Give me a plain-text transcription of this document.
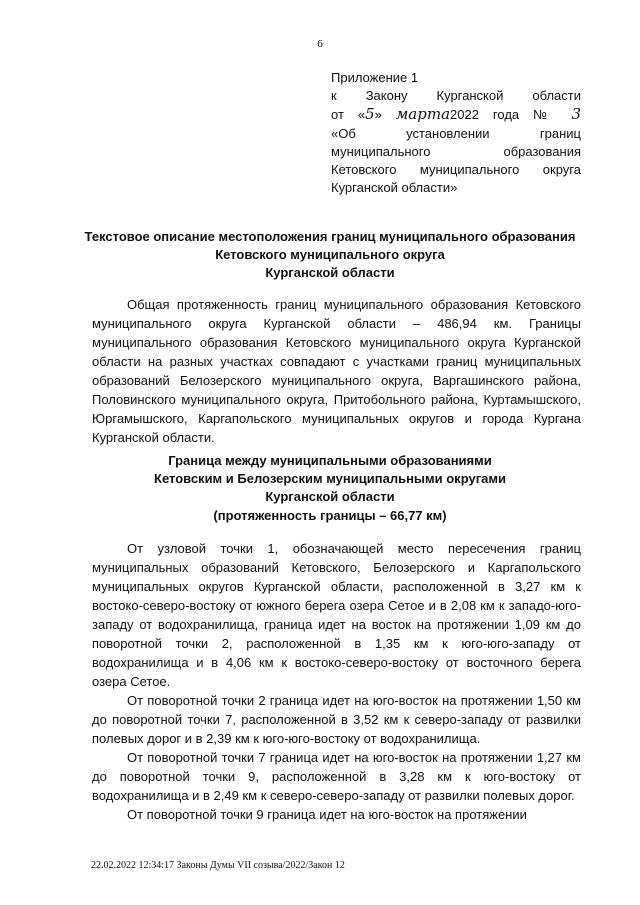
6
Приложение 1
к Закону Курганской области
от «5» марта2022 года № 3
«Об установлении границ
муниципального образования
Кетовского муниципального округа
Курганской области»
Текстовое описание местоположения границ муниципального образования
Кетовского муниципального округа
Курганской области

Общая протяженность границ муниципального образования Кетовского муниципального округа Курганской области – 486,94 км. Границы муниципального образования Кетовского муниципального округа Курганской области на разных участках совпадают с участками границ муниципальных образований Белозерского муниципального округа, Варгашинского района, Половинского муниципального округа, Притобольного района, Куртамышского, Юргамышского, Каргапольского муниципальных округов и города Кургана Курганской области.

Граница между муниципальными образованиями
Кетовским и Белозерским муниципальными округами
Курганской области
(протяженность границы – 66,77 км)

От узловой точки 1, обозначающей место пересечения границ муниципальных образований Кетовского, Белозерского и Каргапольского муниципальных округов Курганской области, расположенной в 3,27 км к востоко-северо-востоку от южного берега озера Сетое и в 2,08 км к западо-юго-западу от водохранилища, граница идет на восток на протяжении 1,09 км до поворотной точки 2, расположенной в 1,35 км к юго-юго-западу от водохранилища и в 4,06 км к востоко-северо-востоку от восточного берега озера Сетое.

От поворотной точки 2 граница идет на юго-восток на протяжении 1,50 км до поворотной точки 7, расположенной в 3,52 км к северо-западу от развилки полевых дорог и в 2,39 км к юго-юго-востоку от водохранилища.

От поворотной точки 7 граница идет на юго-восток на протяжении 1,27 км до поворотной точки 9, расположенной в 3,28 км к юго-востоку от водохранилища и в 2,49 км к северо-северо-западу от развилки полевых дорог.

От поворотной точки 9 граница идет на юго-восток на протяжении

22.02.2022 12:34:17 Законы Думы VII созыва/2022/Закон 12
